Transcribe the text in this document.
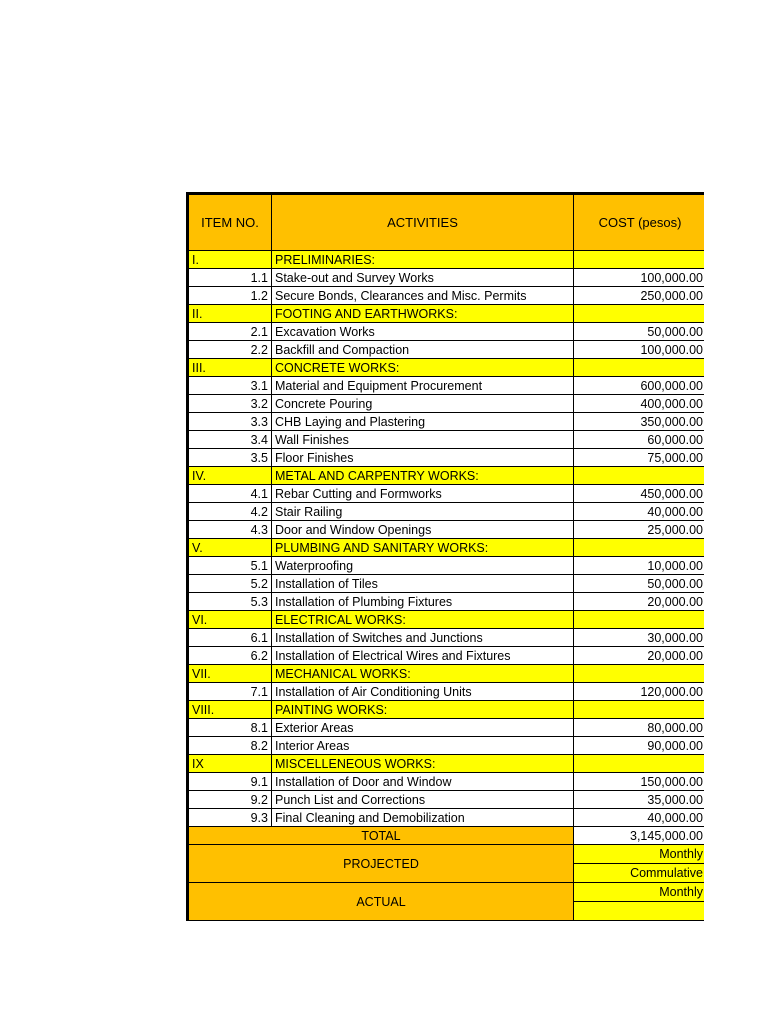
ITEM NO.	ACTIVITIES	COST (pesos)	
I.	PRELIMINARIES:		
1.1	Stake-out and Survey Works	100,000.00	
1.2	Secure Bonds, Clearances and Misc. Permits	250,000.00	
II.	FOOTING AND EARTHWORKS:		
2.1	Excavation Works	50,000.00	
2.2	Backfill and Compaction	100,000.00	
III.	CONCRETE WORKS:		
3.1	Material and Equipment Procurement	600,000.00	
3.2	Concrete Pouring	400,000.00	
3.3	CHB Laying and Plastering	350,000.00	
3.4	Wall Finishes	60,000.00	
3.5	Floor Finishes	75,000.00	
IV.	METAL AND CARPENTRY WORKS:		
4.1	Rebar Cutting and Formworks	450,000.00	
4.2	Stair Railing	40,000.00	
4.3	Door and Window Openings	25,000.00	
V.	PLUMBING AND SANITARY WORKS:		
5.1	Waterproofing	10,000.00	
5.2	Installation of Tiles	50,000.00	
5.3	Installation of Plumbing Fixtures	20,000.00	
VI.	ELECTRICAL WORKS:		
6.1	Installation of Switches and Junctions	30,000.00	
6.2	Installation of Electrical Wires and Fixtures	20,000.00	
VII.	MECHANICAL WORKS:		
7.1	Installation of Air Conditioning Units	120,000.00	
VIII.	PAINTING WORKS:		
8.1	Exterior Areas	80,000.00	
8.2	Interior Areas	90,000.00	
IX	MISCELLENEOUS WORKS:		
9.1	Installation of Door and Window	150,000.00	
9.2	Punch List and Corrections	35,000.00	
9.3	Final Cleaning and Demobilization	40,000.00	
TOTAL		3,145,000.00	
PROJECTED		Monthly	
		Commulative	
ACTUAL		Monthly	
